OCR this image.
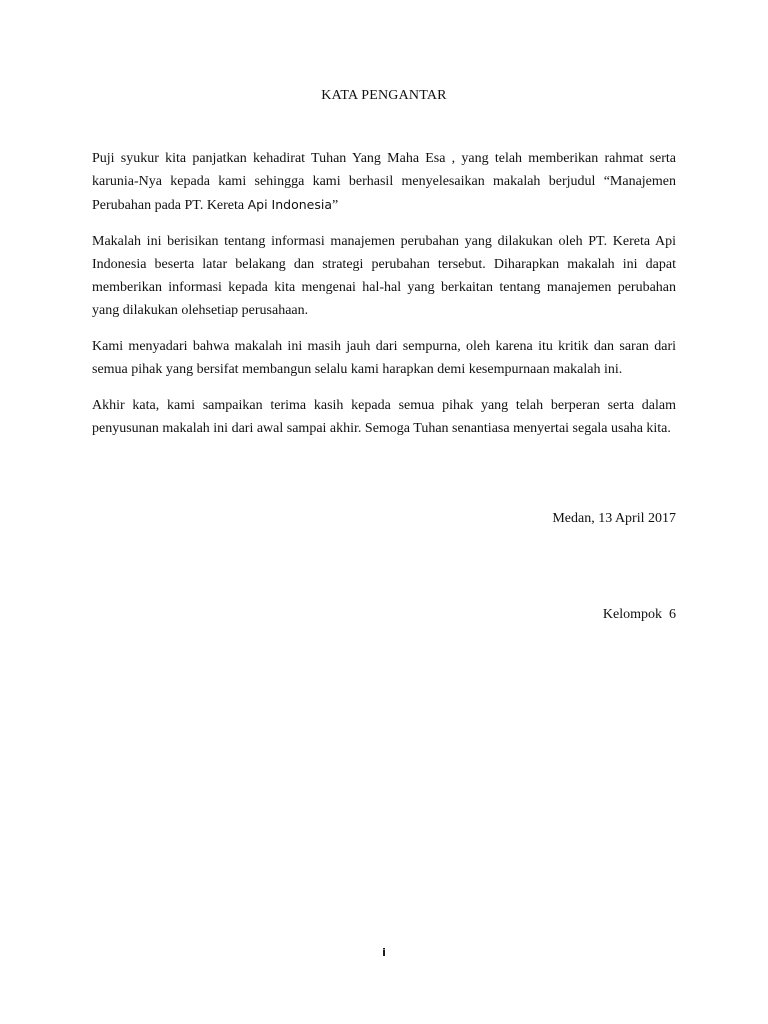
KATA PENGANTAR

Puji syukur kita panjatkan kehadirat Tuhan Yang Maha Esa , yang telah memberikan rahmat serta karunia-Nya kepada kami sehingga kami berhasil menyelesaikan makalah berjudul “Manajemen Perubahan pada PT. Kereta Api Indonesia”

Makalah ini berisikan tentang informasi manajemen perubahan yang dilakukan oleh PT. Kereta Api Indonesia beserta latar belakang dan strategi perubahan tersebut. Diharapkan makalah ini dapat memberikan informasi kepada kita mengenai hal-hal yang berkaitan tentang manajemen perubahan yang dilakukan olehsetiap perusahaan.

Kami menyadari bahwa makalah ini masih jauh dari sempurna, oleh karena itu kritik dan saran dari semua pihak yang bersifat membangun selalu kami harapkan demi kesempurnaan makalah ini.

Akhir kata, kami sampaikan terima kasih kepada semua pihak yang telah berperan serta dalam penyusunan makalah ini dari awal sampai akhir. Semoga Tuhan senantiasa menyertai segala usaha kita.

Medan, 13 April 2017

Kelompok  6

i
